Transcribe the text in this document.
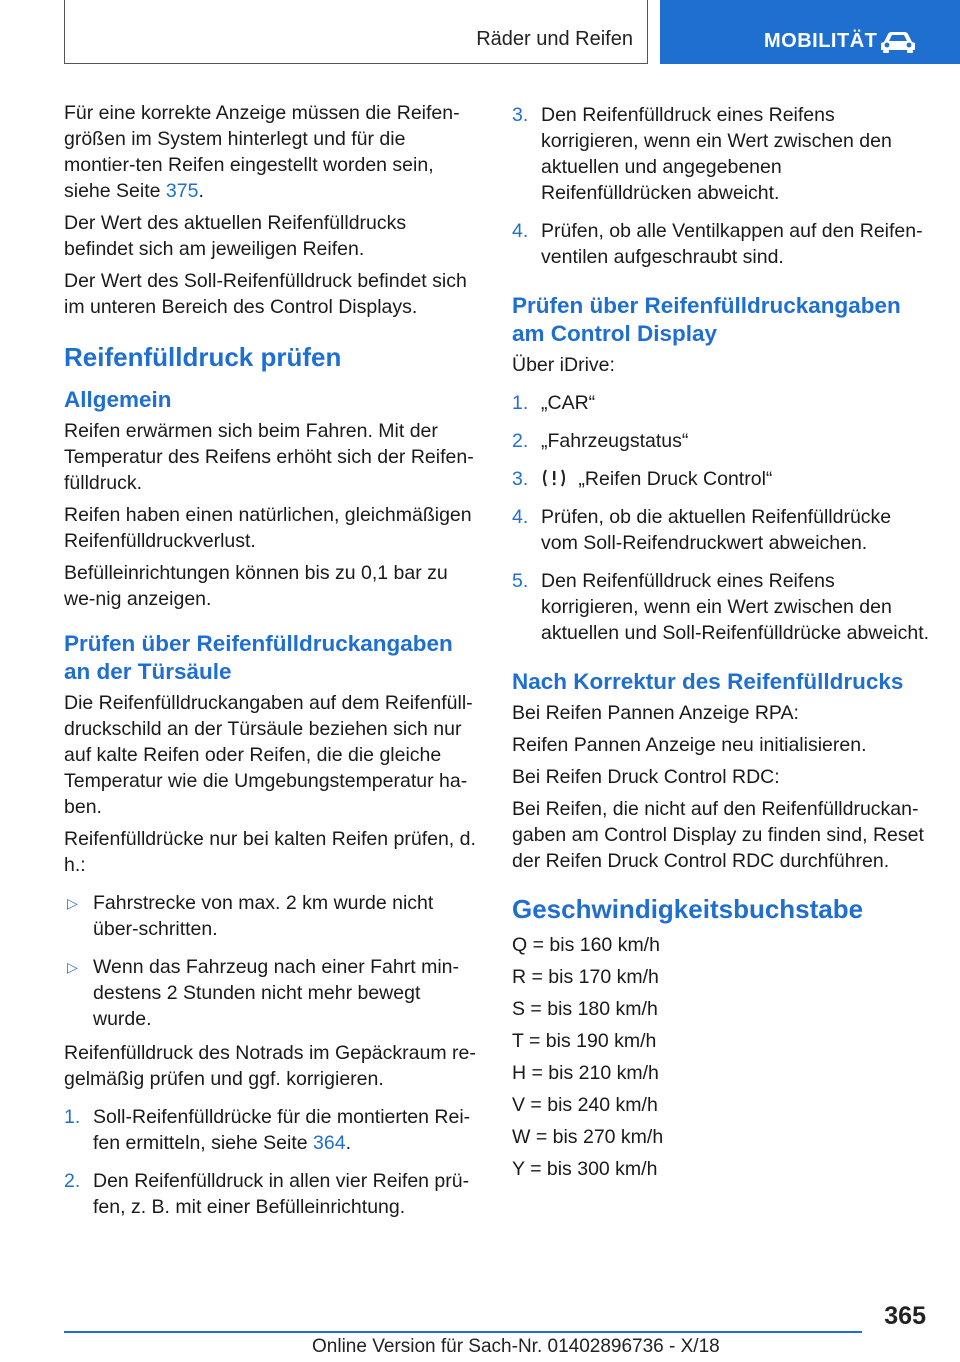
Räder und Reifen	MOBILITÄT

Für eine korrekte Anzeige müssen die Reifen-größen im System hinterlegt und für die montier-ten Reifen eingestellt worden sein, siehe Seite 375.

Der Wert des aktuellen Reifenfülldrucks befindet sich am jeweiligen Reifen.

Der Wert des Soll-Reifenfülldruck befindet sich im unteren Bereich des Control Displays.

Reifenfülldruck prüfen
Allgemein

Reifen erwärmen sich beim Fahren. Mit der Temperatur des Reifens erhöht sich der Reifen-fülldruck.

Reifen haben einen natürlichen, gleichmäßigen Reifenfülldruckverlust.

Befülleinrichtungen können bis zu 0,1 bar zu we-nig anzeigen.

Prüfen über Reifenfülldruckangaben an der Türsäule

Die Reifenfülldruckangaben auf dem Reifenfüll-druckschild an der Türsäule beziehen sich nur auf kalte Reifen oder Reifen, die die gleiche Temperatur wie die Umgebungstemperatur ha-ben.

Reifenfülldrücke nur bei kalten Reifen prüfen, d. h.:

▷ Fahrstrecke von max. 2 km wurde nicht über-schritten.
▷ Wenn das Fahrzeug nach einer Fahrt min-destens 2 Stunden nicht mehr bewegt wurde.

Reifenfülldruck des Notrads im Gepäckraum re-gelmäßig prüfen und ggf. korrigieren.

1. Soll-Reifenfülldrücke für die montierten Rei-fen ermitteln, siehe Seite 364.
2. Den Reifenfülldruck in allen vier Reifen prü-fen, z. B. mit einer Befülleinrichtung.
3. Den Reifenfülldruck eines Reifens korrigieren, wenn ein Wert zwischen den aktuellen und angegebenen Reifenfülldrücken abweicht.
4. Prüfen, ob alle Ventilkappen auf den Reifen-ventilen aufgeschraubt sind.
Prüfen über Reifenfülldruckangaben am Control Display

Über iDrive:

1. „CAR“
2. „Fahrzeugstatus“
3.	„Reifen Druck Control“
4. Prüfen, ob die aktuellen Reifenfülldrücke vom Soll-Reifendruckwert abweichen.
5. Den Reifenfülldruck eines Reifens korrigieren, wenn ein Wert zwischen den aktuellen und Soll-Reifenfülldrücke abweicht.
Nach Korrektur des Reifenfülldrucks

Bei Reifen Pannen Anzeige RPA:

Reifen Pannen Anzeige neu initialisieren.

Bei Reifen Druck Control RDC:

Bei Reifen, die nicht auf den Reifenfülldruckan-gaben am Control Display zu finden sind, Reset der Reifen Druck Control RDC durchführen.

Geschwindigkeitsbuchstabe

Q = bis 160 km/h

R = bis 170 km/h

S = bis 180 km/h

T = bis 190 km/h

H = bis 210 km/h

V = bis 240 km/h

W = bis 270 km/h

Y = bis 300 km/h

365
Online Version für Sach-Nr. 01402896736 - X/18
